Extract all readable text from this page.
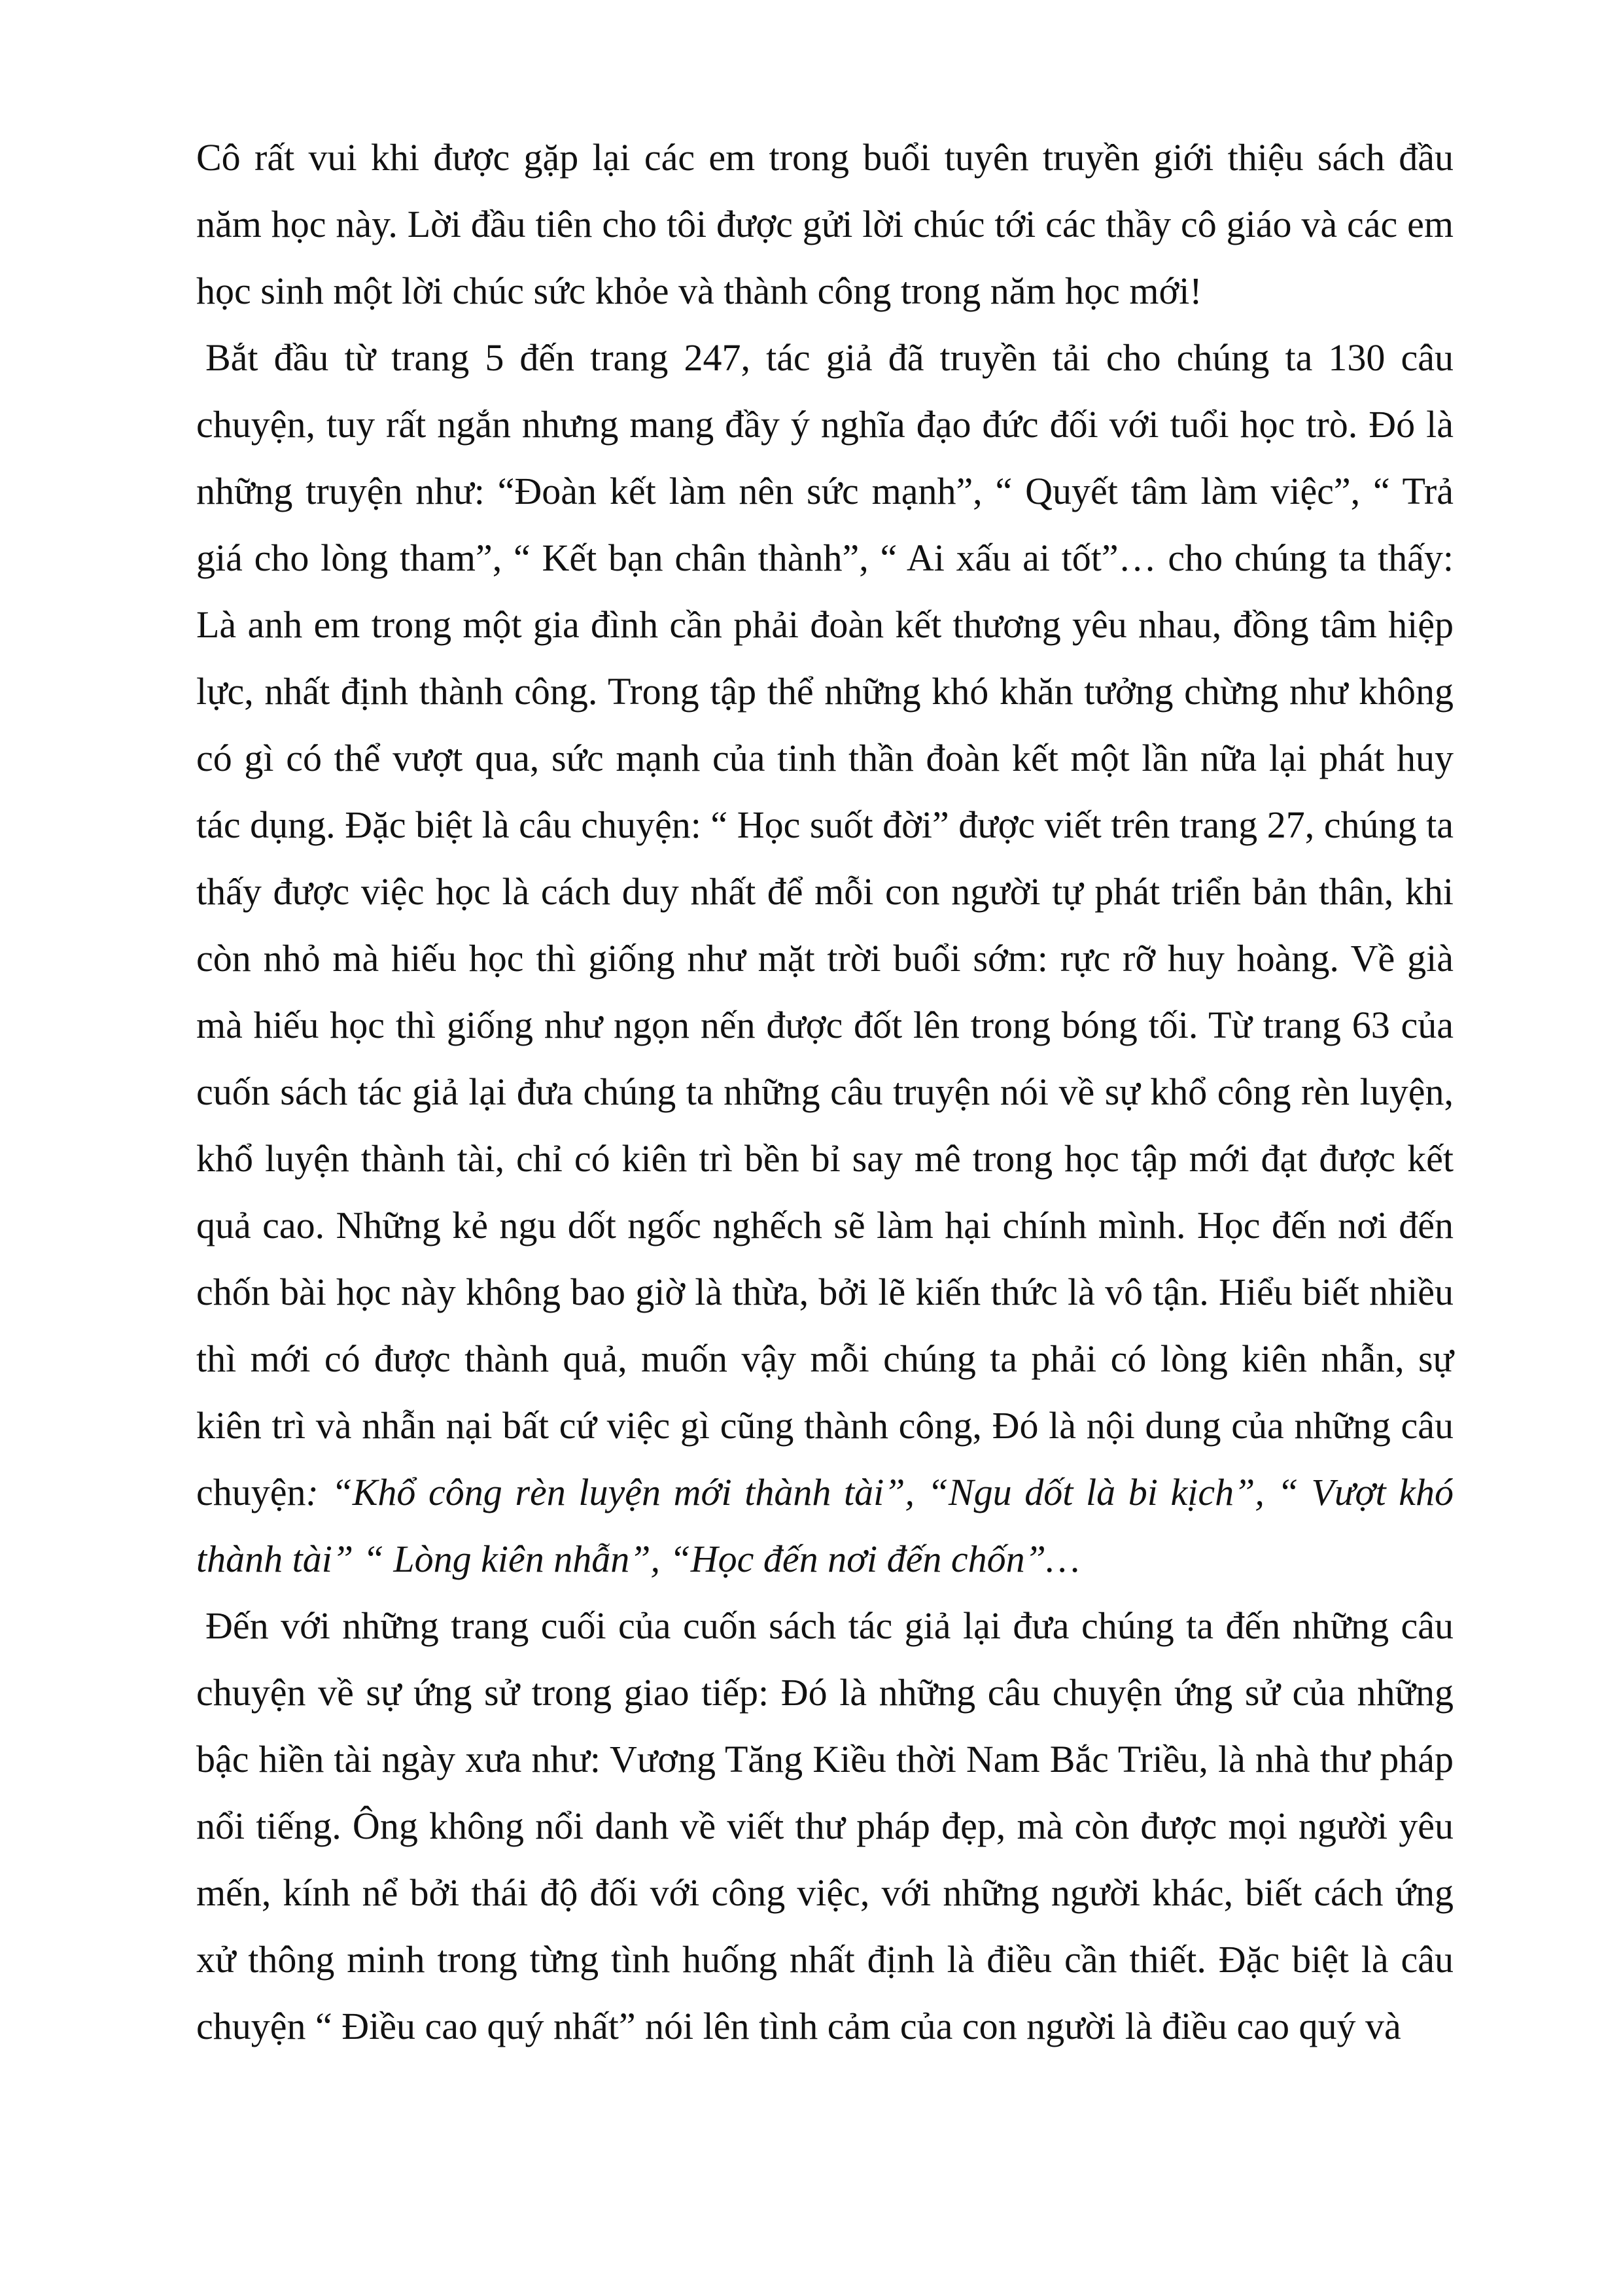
Cô rất vui khi được gặp lại các em trong buổi tuyên truyền giới thiệu sách đầu năm học này. Lời đầu tiên cho tôi được gửi lời chúc tới các thầy cô giáo và các em học sinh một lời chúc sức khỏe và thành công trong năm học mới!

Bắt đầu từ trang 5 đến trang 247, tác giả đã truyền tải cho chúng ta 130 câu chuyện, tuy rất ngắn nhưng mang đầy ý nghĩa đạo đức đối với tuổi học trò. Đó là những truyện như: “Đoàn kết làm nên sức mạnh”, “ Quyết tâm làm việc”, “ Trả giá cho lòng tham”, “ Kết bạn chân thành”, “ Ai xấu ai tốt”… cho chúng ta thấy: Là anh em trong một gia đình cần phải đoàn kết thương yêu nhau, đồng tâm hiệp lực, nhất định thành công. Trong tập thể những khó khăn tưởng chừng như không có gì có thể vượt qua, sức mạnh của tinh thần đoàn kết một lần nữa lại phát huy tác dụng. Đặc biệt là câu chuyện: “ Học suốt đời” được viết trên trang 27, chúng ta thấy được việc học là cách duy nhất để mỗi con người tự phát triển bản thân, khi còn nhỏ mà hiếu học thì giống như mặt trời buổi sớm: rực rỡ huy hoàng. Về già mà hiếu học thì giống như ngọn nến được đốt lên trong bóng tối. Từ trang 63 của cuốn sách tác giả lại đưa chúng ta những câu truyện nói về sự khổ công rèn luyện, khổ luyện thành tài, chỉ có kiên trì bền bỉ say mê trong học tập mới đạt được kết quả cao. Những kẻ ngu dốt ngốc nghếch sẽ làm hại chính mình. Học đến nơi đến chốn bài học này không bao giờ là thừa, bởi lẽ kiến thức là vô tận. Hiểu biết nhiều thì mới có được thành quả, muốn vậy mỗi chúng ta phải có lòng kiên nhẫn, sự kiên trì và nhẫn nại bất cứ việc gì cũng thành công, Đó là nội dung của những câu chuyện: “Khổ công rèn luyện mới thành tài”, “Ngu dốt là bi kịch”, “ Vượt khó thành tài” “ Lòng kiên nhẫn”, “Học đến nơi đến chốn”…

Đến với những trang cuối của cuốn sách tác giả lại đưa chúng ta đến những câu chuyện về sự ứng sử trong giao tiếp: Đó là những câu chuyện ứng sử của những bậc hiền tài ngày xưa như: Vương Tăng Kiều thời Nam Bắc Triều, là nhà thư pháp nổi tiếng. Ông không nổi danh về viết thư pháp đẹp, mà còn được mọi người yêu mến, kính nể bởi thái độ đối với công việc, với những người khác, biết cách ứng xử thông minh trong từng tình huống nhất định là điều cần thiết. Đặc biệt là câu chuyện “ Điều cao quý nhất” nói lên tình cảm của con người là điều cao quý và
